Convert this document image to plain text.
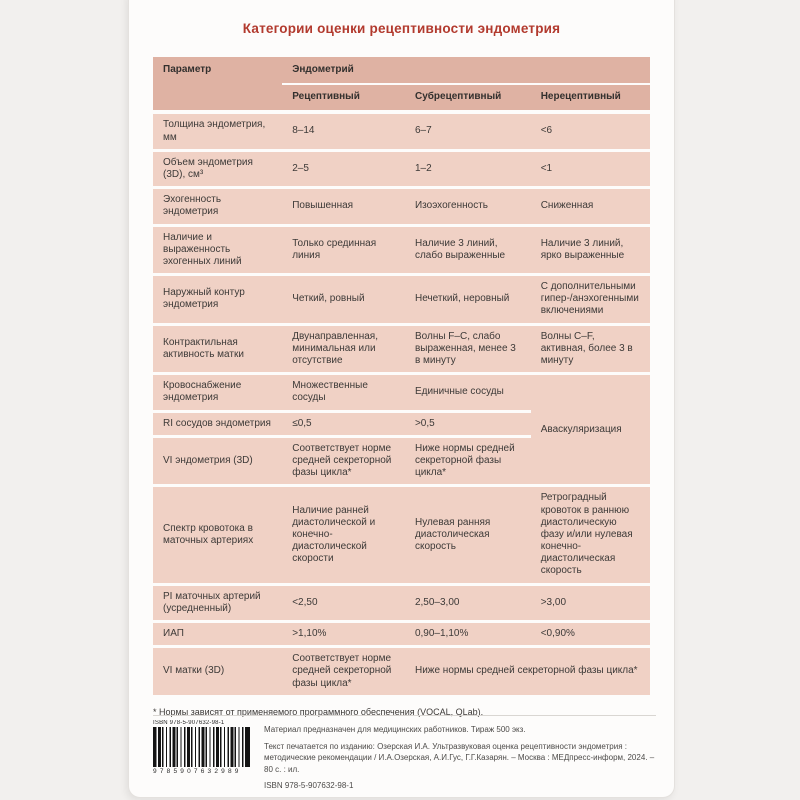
Категории оценки рецептивности эндометрия
Параметр	Эндометрий		
	Рецептивный	Субрецептивный	Нерецептивный
Толщина эндометрия, мм	8–14	6–7	<6
Объем эндометрия (3D), см³	2–5	1–2	<1
Эхогенность эндометрия	Повышенная	Изоэхогенность	Сниженная
Наличие и выраженность эхогенных линий	Только срединная линия	Наличие 3 линий, слабо выраженные	Наличие 3 линий, ярко выраженные
Наружный контур эндометрия	Четкий, ровный	Нечеткий, неровный	С дополнительными гипер-/анэхогенными включениями
Контрактильная активность матки	Двунаправленная, минимальная или отсутствие	Волны F–C, слабо выраженная, менее 3 в минуту	Волны C–F, активная, более 3 в минуту
Кровоснабжение эндометрия	Множественные сосуды	Единичные сосуды	Аваскуляризация
RI сосудов эндометрия	≤0,5	>0,5	
VI эндометрия (3D)	Соответствует норме средней секреторной фазы цикла*	Ниже нормы средней секреторной фазы цикла*	
Спектр кровотока в маточных артериях	Наличие ранней диастолической и конечно-диастолической скорости	Нулевая ранняя диастолическая скорость	Ретроградный кровоток в раннюю диастолическую фазу и/или нулевая конечно-диастолическая скорость
PI маточных артерий (усредненный)	<2,50	2,50–3,00	>3,00
ИАП	>1,10%	0,90–1,10%	<0,90%
VI матки (3D)	Соответствует норме средней секреторной фазы цикла*	Ниже нормы средней секреторной фазы цикла*	
* Нормы зависят от применяемого программного обеспечения (VOCAL, QLab).
ISBN 978-5-907632-98-1
9785907632989

Материал предназначен для медицинских работников. Тираж 500 экз.

Текст печатается по изданию: Озерская И.А. Ультразвуковая оценка рецептивности эндометрия : методические рекомендации / И.А.Озерская, А.И.Гус, Г.Г.Казарян. – Москва : МЕДпресс-информ, 2024. – 80 с. : ил.

ISBN 978-5-907632-98-1
